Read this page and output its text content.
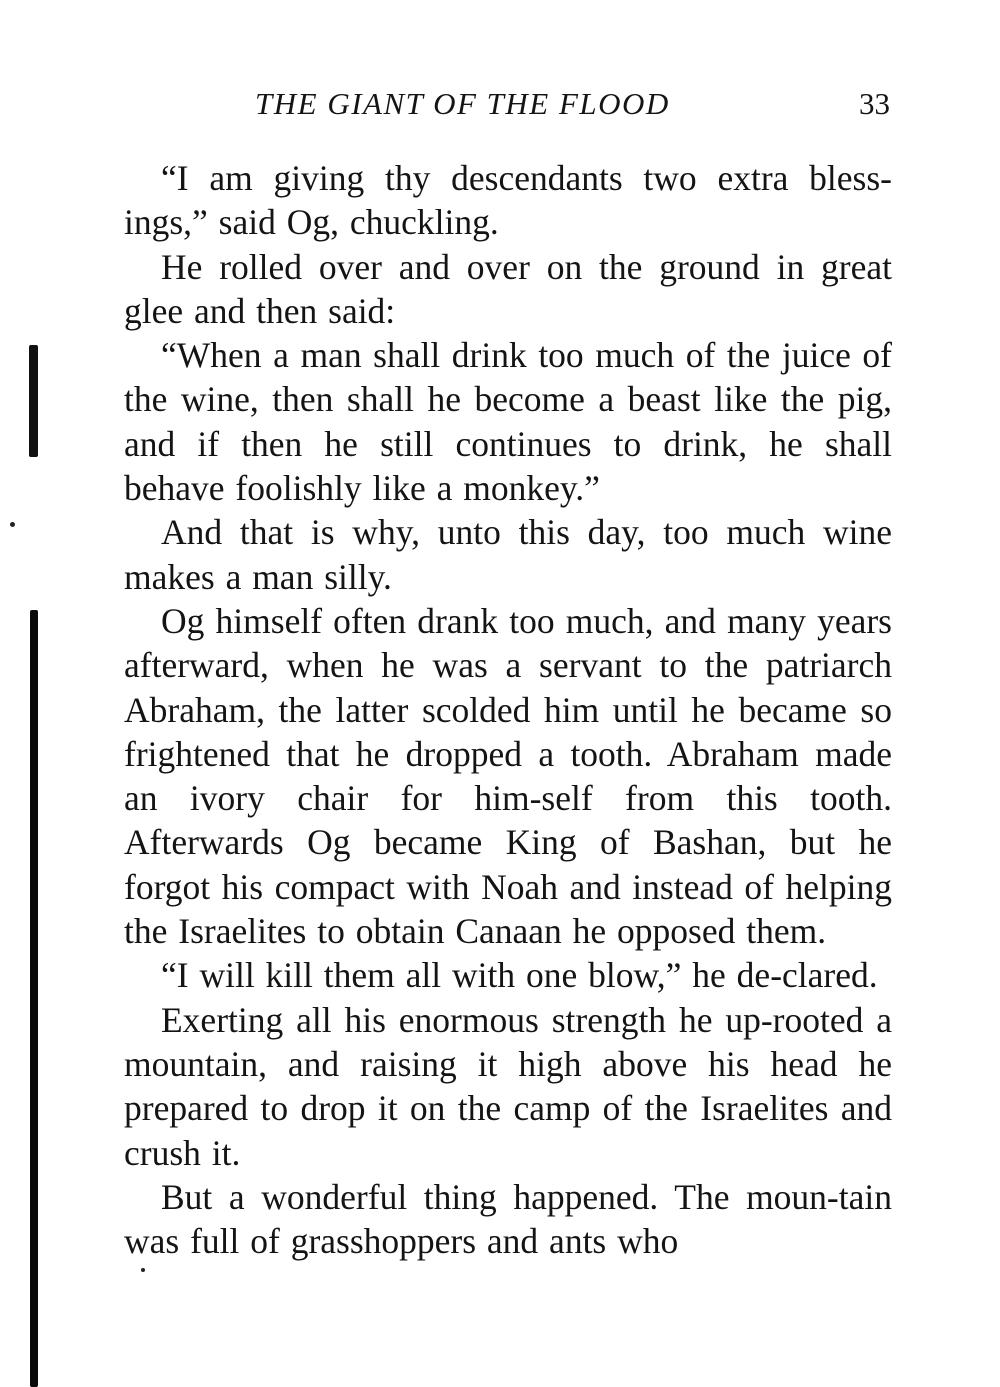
THE GIANT OF THE FLOOD	33

“I am giving thy descendants two extra bless-ings,” said Og, chuckling.

He rolled over and over on the ground in great glee and then said:

“When a man shall drink too much of the juice of the wine, then shall he become a beast like the pig, and if then he still continues to drink, he shall behave foolishly like a monkey.”

And that is why, unto this day, too much wine makes a man silly.

Og himself often drank too much, and many years afterward, when he was a servant to the patriarch Abraham, the latter scolded him until he became so frightened that he dropped a tooth. Abraham made an ivory chair for him-self from this tooth. Afterwards Og became King of Bashan, but he forgot his compact with Noah and instead of helping the Israelites to obtain Canaan he opposed them.

“I will kill them all with one blow,” he de-clared.

Exerting all his enormous strength he up-rooted a mountain, and raising it high above his head he prepared to drop it on the camp of the Israelites and crush it.

But a wonderful thing happened. The moun-tain was full of grasshoppers and ants who
